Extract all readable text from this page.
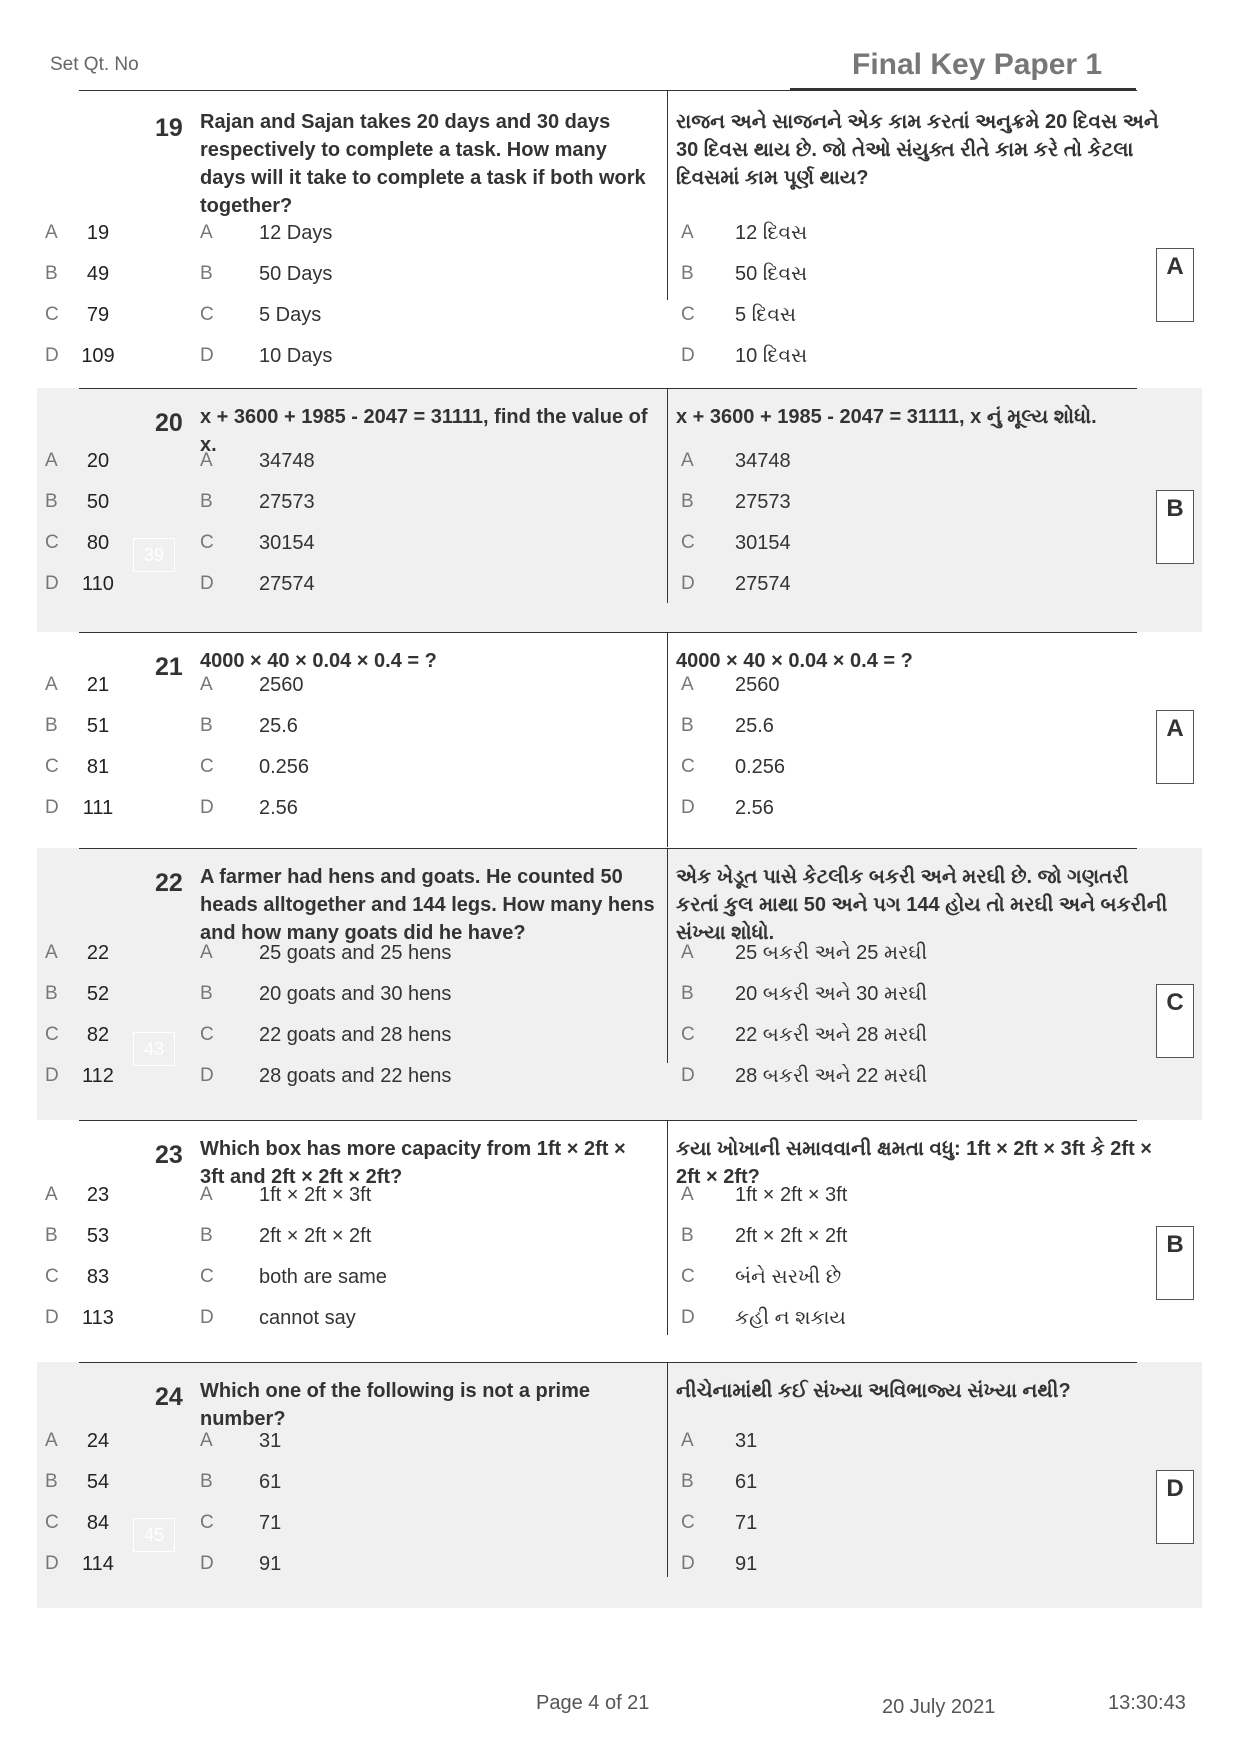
Set Qt. No	Final Key Paper 1
19 Rajan and Sajan takes 20 days and 30 days respectively to complete a task. How many days will it take to complete a task if both work together?
રાજન અને સાજનને એક કામ કરતાં અનુક્રમે 20 દિવસ અને 30 દિવસ થાય છે. જો તેઓ સંયુક્ત રીતે કામ કરે તો કેટલા દિવસમાં કામ પૂર્ણ થાય?
A	19	A 12 Days	A 12 દિવસ
B	49	B 50 Days	B 50 દિવસ
C	79	C 5 Days	C 5 દિવસ
D 109	D 10 Days	D 10 દિવસ
A
20 x + 3600 + 1985 - 2047 = 31111, find the value of x.
x + 3600 + 1985 - 2047 = 31111, x નું મૂલ્ય શોધો.
A	20	A 34748	A 34748
B	50	B 27573	B 27573
C	80	C 30154	C 30154
D 110	D 27574	D 27574
39
B
21 4000 × 40 × 0.04 × 0.4 = ?	4000 × 40 × 0.04 × 0.4 = ?
A	21	A 2560	A 2560
B	51	B 25.6	B 25.6
C	81	C 0.256	C 0.256
D 111	D 2.56	D 2.56
A
22 A farmer had hens and goats. He counted 50 heads alltogether and 144 legs. How many hens and how many goats did he have?
એક ખેડૂત પાસે કેટલીક બકરી અને મરઘી છે. જો ગણતરી કરતાં કુલ માથા 50 અને પગ 144 હોય તો મરઘી અને બકરીની સંખ્યા શોધો.
A	22	A 25 goats and 25 hens	A 25 બકરી અને 25 મરઘી
B	52	B 20 goats and 30 hens	B 20 બકરી અને 30 મરઘી
C	82	C 22 goats and 28 hens	C 22 બકરી અને 28 મરઘી
D 112	D 28 goats and 22 hens	D 28 બકરી અને 22 મરઘી
43
C
23 Which box has more capacity from 1ft × 2ft × 3ft and 2ft × 2ft × 2ft?
કયા ખોખાની સમાવવાની ક્ષમતા વધુ: 1ft × 2ft × 3ft કે 2ft × 2ft × 2ft?
A	23	A 1ft × 2ft × 3ft	A 1ft × 2ft × 3ft
B	53	B 2ft × 2ft × 2ft	B 2ft × 2ft × 2ft
C	83	C both are same	C બંને સરખી છે
D 113	D cannot say	D કહી ન શકાય
B
24 Which one of the following is not a prime number?
નીચેનામાંથી કઈ સંખ્યા અવિભાજ્ય સંખ્યા નથી?
A	24	A 31	A 31
B	54	B 61	B 61
C	84	C 71	C 71
D 114	D 91	D 91
45
D
Page 4 of 21	20 July 2021	13:30:43
